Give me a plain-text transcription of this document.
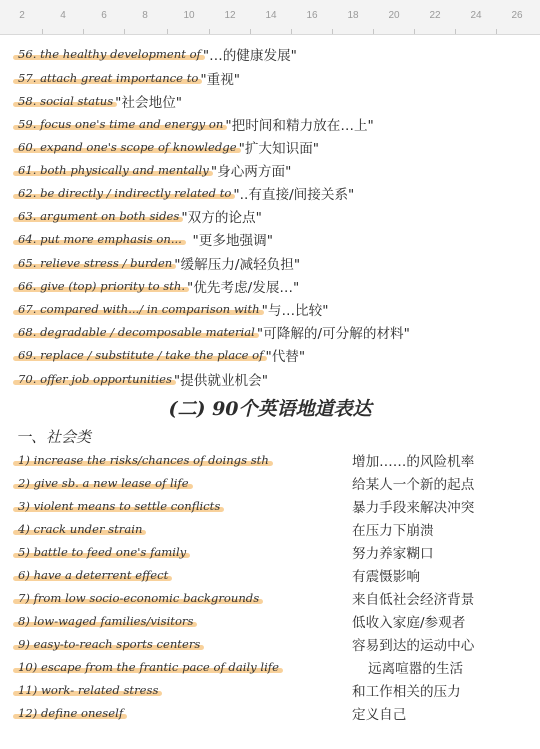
2	4	6	8	10	12	14	16	18	20	22	24	26
56. the healthy development of "…的健康发展"
57. attach great importance to "重视"
58. social status "社会地位"
59. focus one's time and energy on "把时间和精力放在…上"
60. expand one's scope of knowledge "扩大知识面"
61. both physically and mentally "身心两方面"
62. be directly / indirectly related to "..有直接/间接关系"
63. argument on both sides "双方的论点"
64. put more emphasis on... "更多地强调"
65. relieve stress / burden "缓解压力/减轻负担"
66. give (top) priority to sth. "优先考虑/发展…"
67. compared with.../ in comparison with "与…比较"
68. degradable / decomposable material "可降解的/可分解的材料"
69. replace / substitute / take the place of "代替"
70. offer job opportunities "提供就业机会"
(二) 90个英语地道表达
一、社会类
1) increase the risks/chances of doings sth	增加……的风险机率
2) give sb. a new lease of life	给某人一个新的起点
3) violent means to settle conflicts	暴力手段来解决冲突
4) crack under strain	在压力下崩溃
5) battle to feed one's family	努力养家糊口
6) have a deterrent effect	有震慑影响
7) from low socio-economic backgrounds	来自低社会经济背景
8) low-waged families/visitors	低收入家庭/参观者
9) easy-to-reach sports centers	容易到达的运动中心
10) escape from the frantic pace of daily life	远离喧嚣的生活
11) work- related stress	和工作相关的压力
12) define oneself	定义自己
